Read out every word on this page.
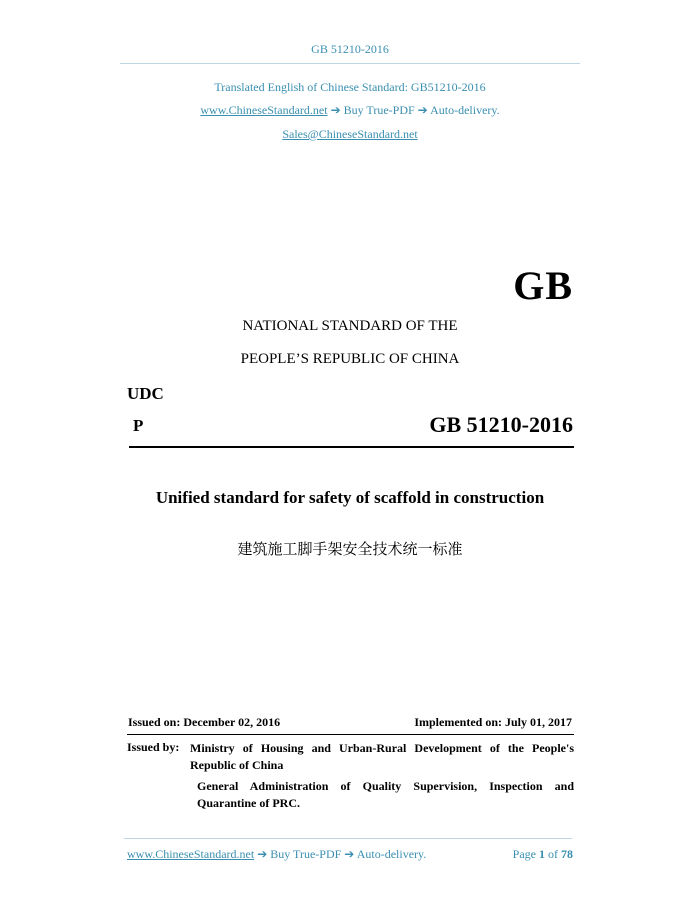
GB 51210-2016
Translated English of Chinese Standard: GB51210-2016
www.ChineseStandard.net ➔ Buy True-PDF ➔ Auto-delivery.
Sales@ChineseStandard.net
GB
NATIONAL STANDARD OF THE
PEOPLE’S REPUBLIC OF CHINA
UDC
P	GB 51210-2016
Unified standard for safety of scaffold in construction
建筑施工脚手架安全技术统一标准
Issued on: December 02, 2016	Implemented on: July 01, 2017
Issued by: Ministry of Housing and Urban-Rural Development of the People's Republic of China
General Administration of Quality Supervision, Inspection and Quarantine of PRC.
www.ChineseStandard.net ➔ Buy True-PDF ➔ Auto-delivery.	Page 1 of 78
